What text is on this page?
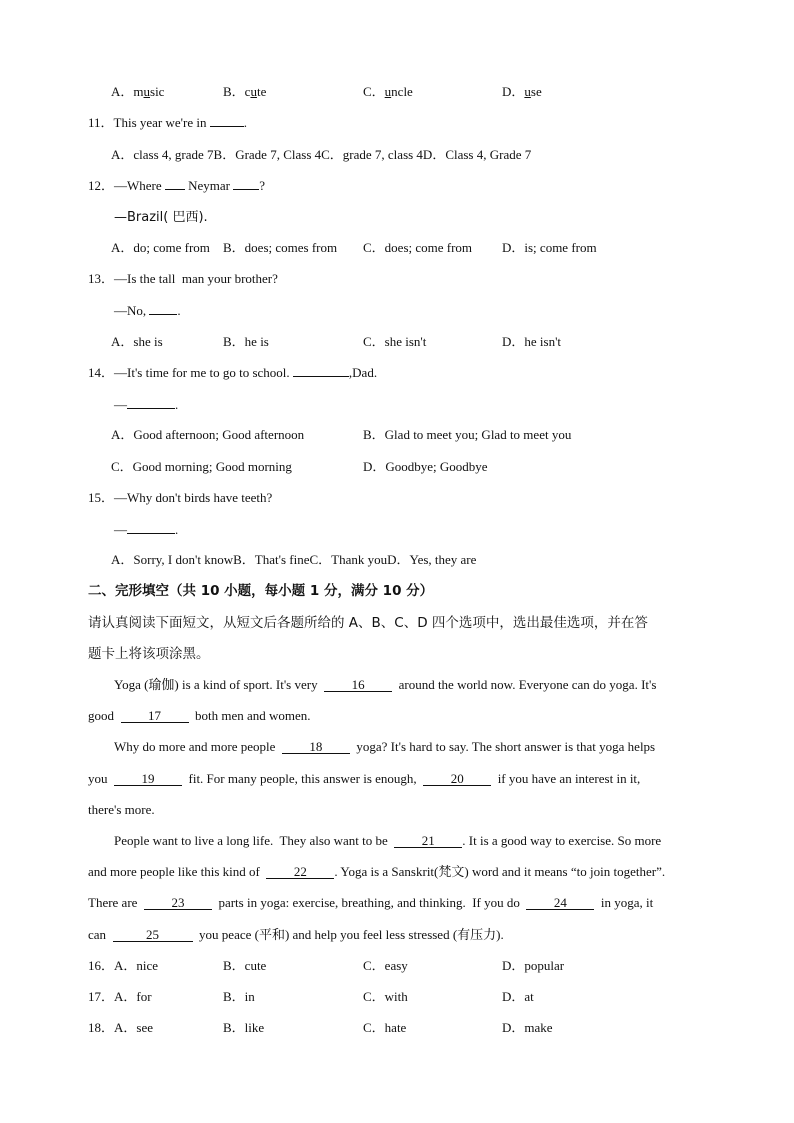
A．music	B．cute	C．uncle	D．use
11．This year we're in	.
A．class 4, grade 7B．Grade 7, Class 4C．grade 7, class 4D．Class 4, Grade 7
12．—Where Neymar ?
—Brazil( 巴西).
A．do; come from B．does; comes from C．does; come from D．is; come from
13．—Is the tall  man your brother?
—No, .
A．she is	B．he is	C．she isn't	D．he isn't
14．—It's time for me to go to school.	,Dad.
—	.
A．Good afternoon; Good afternoon	B．Glad to meet you; Glad to meet you
C．Good morning; Good morning	D．Goodbye; Goodbye
15．—Why don't birds have teeth?
—	.
A．Sorry, I don't knowB．That's fineC．Thank youD．Yes, they are
二、完形填空（共 10 小题，每小题 1 分，满分 10 分）
请认真阅读下面短文，从短文后各题所给的 A、B、C、D 四个选项中，选出最佳选项，并在答
题卡上将该项涂黑。
Yoga (瑜伽) is a kind of sport. It's very	16	around the world now. Everyone can do yoga. It's
good	17	both men and women.
Why do more and more people	18	yoga? It's hard to say. The short answer is that yoga helps
you	19	fit. For many people, this answer is enough,	20	if you have an interest in it,
there's more.
People want to live a long life.  They also want to be	21 . It is a good way to exercise. So more
and more people like this kind of	22 . Yoga is a Sanskrit(梵文) word and it means “to join together”.
There are	23	parts in yoga: exercise, breathing, and thinking.  If you do	24	in yoga, it
can	25	you peace (平和) and help you feel less stressed (有压力).
16．A．nice	B．cute	C．easy	D．popular
17．A．for	B．in	C．with	D．at
18．A．see	B．like	C．hate	D．make
